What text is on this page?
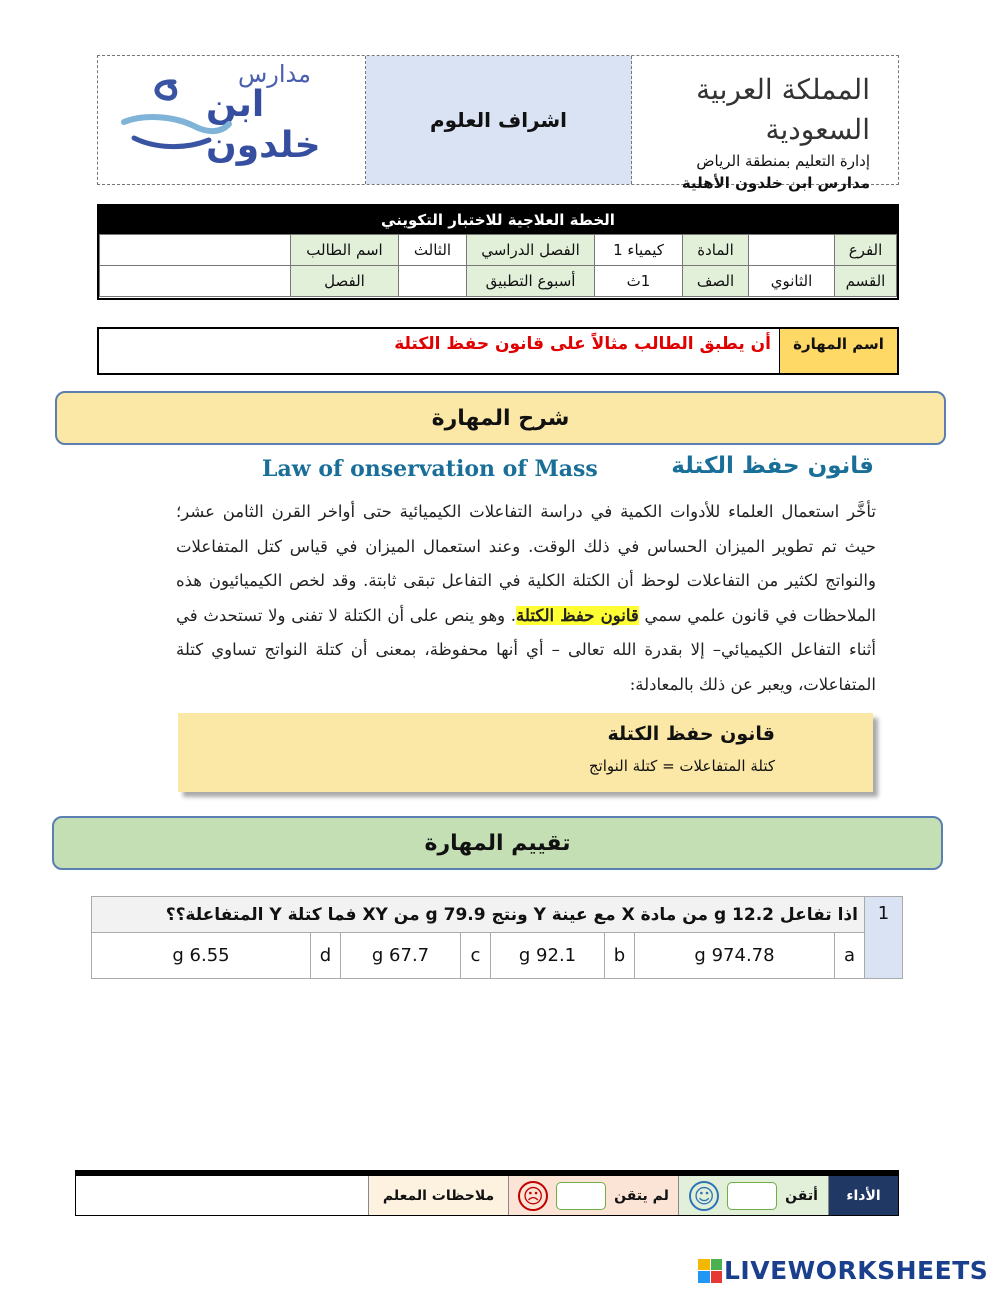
مدارس
ابن خلدون
اشراف العلوم
المملكة العربية السعودية
إدارة التعليم بمنطقة الرياض
مدارس ابن خلدون الأهلية
الخطة العلاجية للاختبار التكويني
الفرع		المادة	كيمياء 1	الفصل الدراسي	الثالث	اسم الطالب	
القسم	الثانوي	الصف	1ث	أسبوع التطبيق		الفصل	
اسم المهارة
أن يطبق الطالب مثالاً على قانون حفظ الكتلة
شرح المهارة
Law of onservation of Mass	قانون حفظ الكتلة
تأخَّر استعمال العلماء للأدوات الكمية في دراسة التفاعلات الكيميائية حتى أواخر القرن الثامن عشر؛ حيث تم تطوير الميزان الحساس في ذلك الوقت. وعند استعمال الميزان في قياس كتل المتفاعلات والنواتج لكثير من التفاعلات لوحظ أن الكتلة الكلية في التفاعل تبقى ثابتة. وقد لخص الكيميائيون هذه الملاحظات في قانون علمي سمي قانون حفظ الكتلة. وهو ينص على أن الكتلة لا تفنى ولا تستحدث في أثناء التفاعل الكيميائي– إلا بقدرة الله تعالى – أي أنها محفوظة، بمعنى أن كتلة النواتج تساوي كتلة المتفاعلات، ويعبر عن ذلك بالمعادلة:
قانون حفظ الكتلة
كتلة المتفاعلات = كتلة النواتج
تقييم المهارة
1	اذا تفاعل 12.2 g من مادة X مع عينة Y ونتج 79.9 g من XY فما كتلة Y المتفاعلة؟؟							
	a	974.78 g	b	92.1 g	c	67.7 g	d	6.55 g
الأداء
أتقن
☺
لم يتقن
☹
ملاحظات المعلم
LIVEWORKSHEETS
